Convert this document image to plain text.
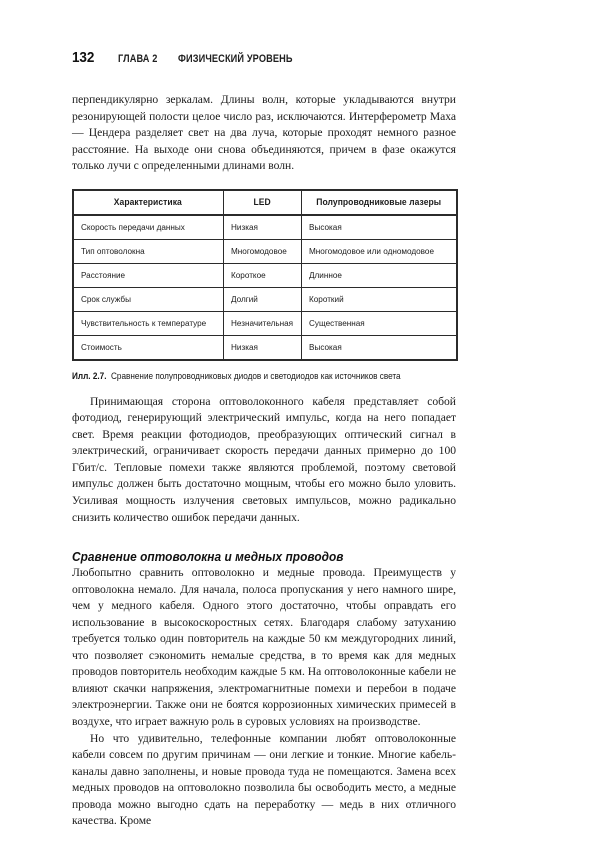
132 ГЛАВА 2 ФИЗИЧЕСКИЙ УРОВЕНЬ

перпендикулярно зеркалам. Длины волн, которые укладываются внутри резонирующей полости целое число раз, исключаются. Интерферометр Маха — Цендера разделяет свет на два луча, которые проходят немного разное расстояние. На выходе они снова объединяются, причем в фазе окажутся только лучи с определенными длинами волн.

Характеристика	LED	Полупроводниковые лазеры
Скорость передачи данных	Низкая	Высокая
Тип оптоволокна	Многомодовое	Многомодовое или одномодовое
Расстояние	Короткое	Длинное
Срок службы	Долгий	Короткий
Чувствительность к температуре	Незначительная	Существенная
Стоимость	Низкая	Высокая
Илл. 2.7. Сравнение полупроводниковых диодов и светодиодов как источников света

Принимающая сторона оптоволоконного кабеля представляет собой фотодиод, генерирующий электрический импульс, когда на него попадает свет. Время реакции фотодиодов, преобразующих оптический сигнал в электрический, ограничивает скорость передачи данных примерно до 100 Гбит/с. Тепловые помехи также являются проблемой, поэтому световой импульс должен быть достаточно мощным, чтобы его можно было уловить. Усиливая мощность излучения световых импульсов, можно радикально снизить количество ошибок передачи данных.

Сравнение оптоволокна и медных проводов

Любопытно сравнить оптоволокно и медные провода. Преимуществ у оптоволокна немало. Для начала, полоса пропускания у него намного шире, чем у медного кабеля. Одного этого достаточно, чтобы оправдать его использование в высокоскоростных сетях. Благодаря слабому затуханию требуется только один повторитель на каждые 50 км междугородних линий, что позволяет сэкономить немалые средства, в то время как для медных проводов повторитель необходим каждые 5 км. На оптоволоконные кабели не влияют скачки напряжения, электромагнитные помехи и перебои в подаче электроэнергии. Также они не боятся коррозионных химических примесей в воздухе, что играет важную роль в суровых условиях на производстве.

Но что удивительно, телефонные компании любят оптоволоконные кабели совсем по другим причинам — они легкие и тонкие. Многие кабель-каналы давно заполнены, и новые провода туда не помещаются. Замена всех медных проводов на оптоволокно позволила бы освободить место, а медные провода можно выгодно сдать на переработку — медь в них отличного качества. Кроме
